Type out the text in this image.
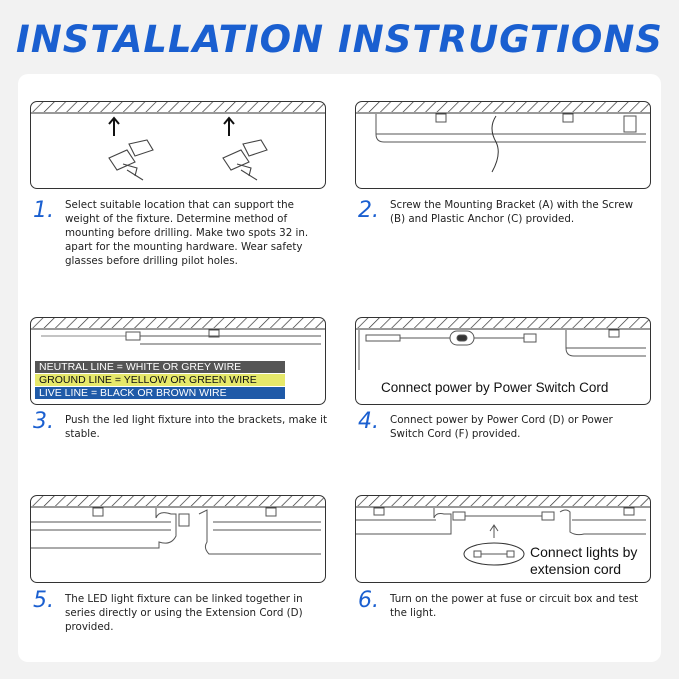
INSTALLATION INSTRUGTIONS
1. Select suitable location that can support the weight of the fixture. Determine method of mounting before drilling. Make two spots 32 in. apart for the mounting hardware. Wear safety glasses before drilling pilot holes.
2. Screw the Mounting Bracket (A) with the Screw (B) and Plastic Anchor (C) provided.
NEUTRAL LINE = WHITE OR GREY WIRE
GROUND LINE = YELLOW OR GREEN WIRE
LIVE LINE = BLACK OR BROWN WIRE
3. Push the led light fixture into the brackets, make it stable.
Connect power by Power Switch Cord
4. Connect power by Power Cord (D) or Power Switch Cord (F) provided.
5. The LED light fixture can be linked together in series directly or using the Extension Cord (D) provided.
Connect lights by
extension cord
6. Turn on the power at fuse or circuit box and test the light.
